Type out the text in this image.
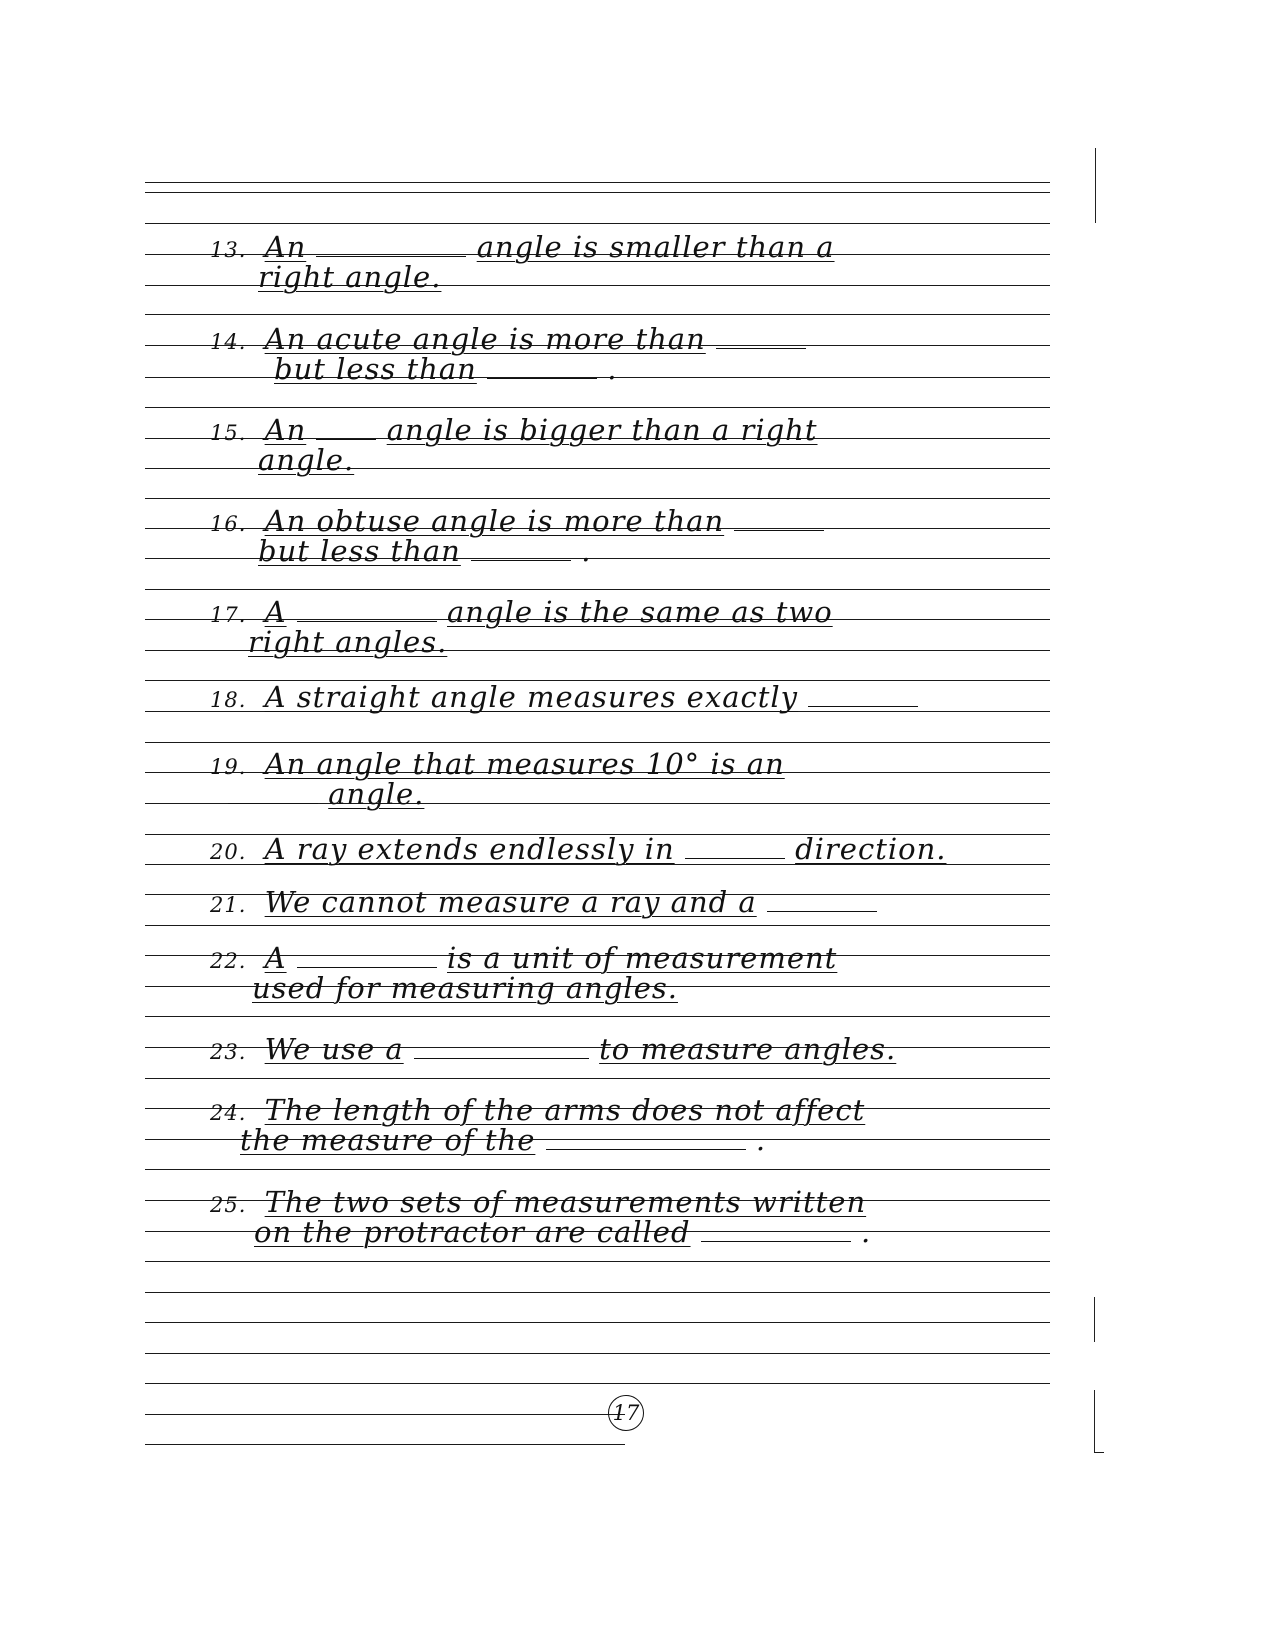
13. An	angle is smaller than a
right angle.
14. An acute angle is more than
but less than	.
15. An	angle is bigger than a right
angle.
16. An obtuse angle is more than
but less than	.
17. A	angle is the same as two
right angles.
18. A straight angle measures exactly
19. An angle that measures 10° is an
angle.
20. A ray extends endlessly in	direction.
21. We cannot measure a ray and a
22. A	is a unit of measurement
used for measuring angles.
23. We use a	to measure angles.
24. The length of the arms does not affect
the measure of the	.
25. The two sets of measurements written
on the protractor are called	.
17
